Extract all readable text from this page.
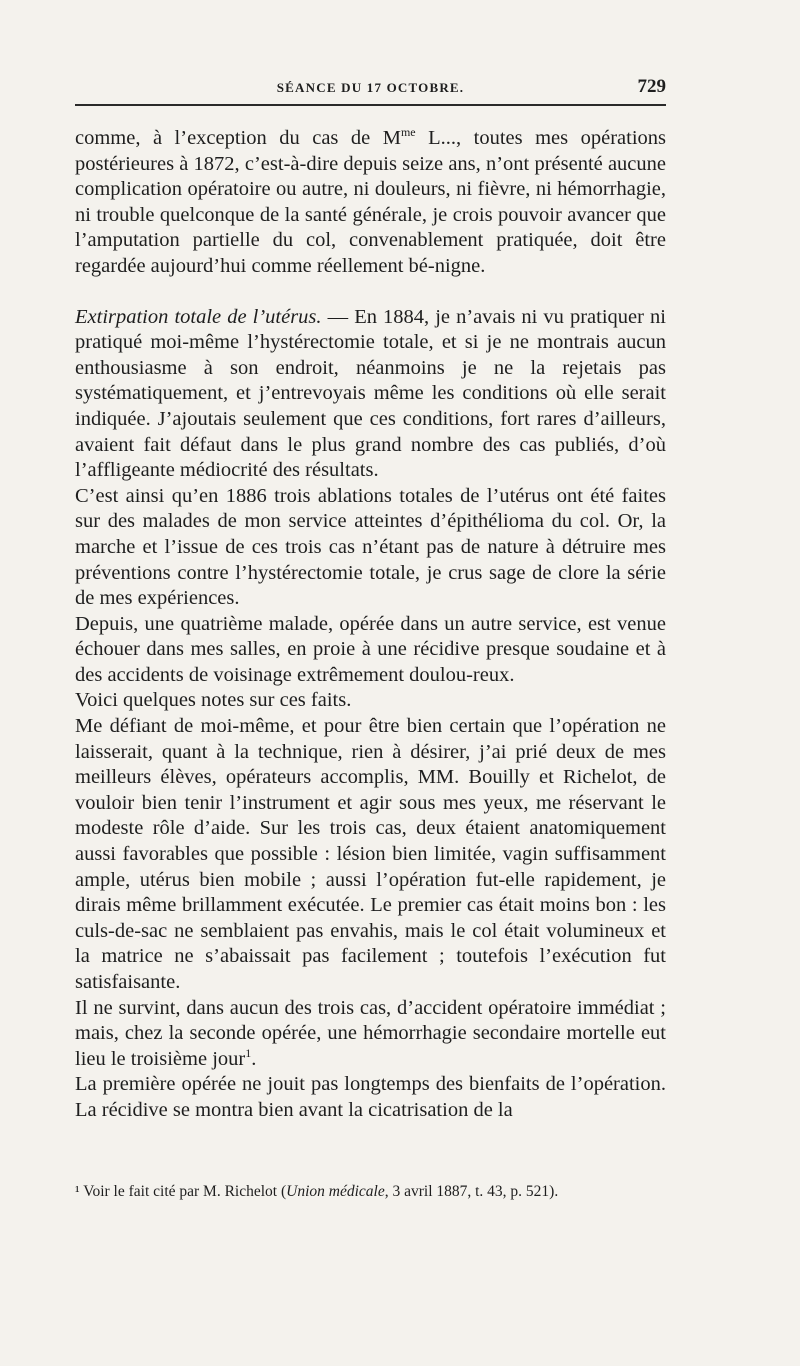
SÉANCE DU 17 OCTOBRE.	729

comme, à l’exception du cas de $M^{me}$ L..., toutes mes opérations postérieures à 1872, c’est-à-dire depuis seize ans, n’ont présenté aucune complication opératoire ou autre, ni douleurs, ni fièvre, ni hémorrhagie, ni trouble quelconque de la santé générale, je crois pouvoir avancer que l’amputation partielle du col, convenablement pratiquée, doit être regardée aujourd’hui comme réellement bé-nigne.

Extirpation totale de l’utérus. — En 1884, je n’avais ni vu pratiquer ni pratiqué moi-même l’hystérectomie totale, et si je ne montrais aucun enthousiasme à son endroit, néanmoins je ne la rejetais pas systématiquement, et j’entrevoyais même les conditions où elle serait indiquée. J’ajoutais seulement que ces conditions, fort rares d’ailleurs, avaient fait défaut dans le plus grand nombre des cas publiés, d’où l’affligeante médiocrité des résultats.

C’est ainsi qu’en 1886 trois ablations totales de l’utérus ont été faites sur des malades de mon service atteintes d’épithélioma du col. Or, la marche et l’issue de ces trois cas n’étant pas de nature à détruire mes préventions contre l’hystérectomie totale, je crus sage de clore la série de mes expériences.

Depuis, une quatrième malade, opérée dans un autre service, est venue échouer dans mes salles, en proie à une récidive presque soudaine et à des accidents de voisinage extrêmement doulou-reux.

Voici quelques notes sur ces faits.

Me défiant de moi-même, et pour être bien certain que l’opération ne laisserait, quant à la technique, rien à désirer, j’ai prié deux de mes meilleurs élèves, opérateurs accomplis, MM. Bouilly et Richelot, de vouloir bien tenir l’instrument et agir sous mes yeux, me réservant le modeste rôle d’aide. Sur les trois cas, deux étaient anatomiquement aussi favorables que possible : lésion bien limitée, vagin suffisamment ample, utérus bien mobile ; aussi l’opération fut-elle rapidement, je dirais même brillamment exécutée. Le premier cas était moins bon : les culs-de-sac ne semblaient pas envahis, mais le col était volumineux et la matrice ne s’abaissait pas facilement ; toutefois l’exécution fut satisfaisante.

Il ne survint, dans aucun des trois cas, d’accident opératoire immédiat ; mais, chez la seconde opérée, une hémorrhagie secondaire mortelle eut lieu le troisième jour$^1$.

La première opérée ne jouit pas longtemps des bienfaits de l’opération. La récidive se montra bien avant la cicatrisation de la

¹ Voir le fait cité par M. Richelot (Union médicale, 3 avril 1887, t. 43, p. 521).
